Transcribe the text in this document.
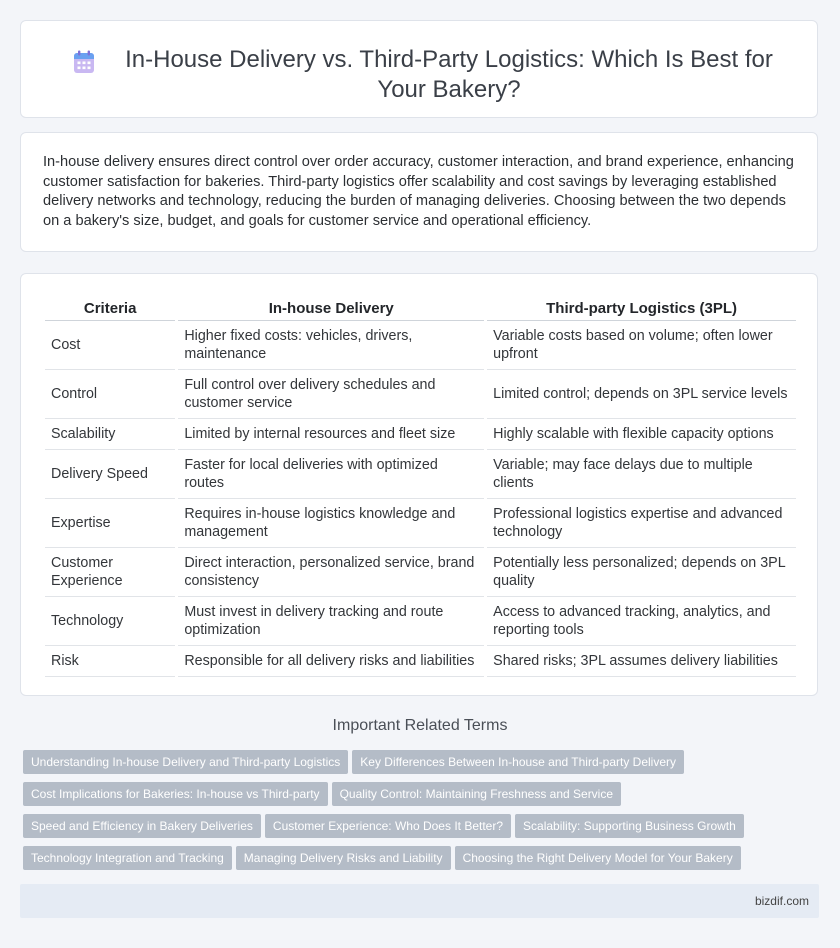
In-House Delivery vs. Third-Party Logistics: Which Is Best for Your Bakery?

In-house delivery ensures direct control over order accuracy, customer interaction, and brand experience, enhancing customer satisfaction for bakeries. Third-party logistics offer scalability and cost savings by leveraging established delivery networks and technology, reducing the burden of managing deliveries. Choosing between the two depends on a bakery's size, budget, and goals for customer service and operational efficiency.

Criteria	In-house Delivery	Third-party Logistics (3PL)
Cost	Higher fixed costs: vehicles, drivers, maintenance	Variable costs based on volume; often lower upfront
Control	Full control over delivery schedules and customer service	Limited control; depends on 3PL service levels
Scalability	Limited by internal resources and fleet size	Highly scalable with flexible capacity options
Delivery Speed	Faster for local deliveries with optimized routes	Variable; may face delays due to multiple clients
Expertise	Requires in-house logistics knowledge and management	Professional logistics expertise and advanced technology
Customer Experience	Direct interaction, personalized service, brand consistency	Potentially less personalized; depends on 3PL quality
Technology	Must invest in delivery tracking and route optimization	Access to advanced tracking, analytics, and reporting tools
Risk	Responsible for all delivery risks and liabilities	Shared risks; 3PL assumes delivery liabilities
Important Related Terms
Understanding In-house Delivery and Third-party Logistics Key Differences Between In-house and Third-party Delivery
Cost Implications for Bakeries: In-house vs Third-party Quality Control: Maintaining Freshness and Service
Speed and Efficiency in Bakery Deliveries Customer Experience: Who Does It Better? Scalability: Supporting Business Growth
Technology Integration and Tracking Managing Delivery Risks and Liability Choosing the Right Delivery Model for Your Bakery
bizdif.com
